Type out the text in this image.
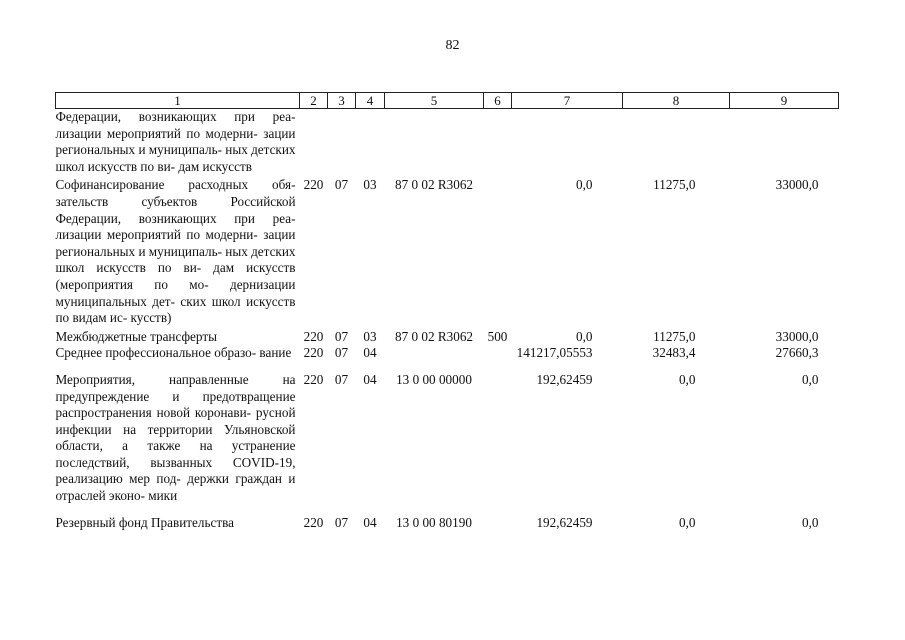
82
1	2	3	4	5	6	7	8	9
Федерации, возникающих при реа- лизации мероприятий по модерни- зации региональных и муниципаль- ных детских школ искусств по ви- дам искусств								
Софинансирование расходных обя- зательств субъектов Российской Федерации, возникающих при реа- лизации мероприятий по модерни- зации региональных и муниципаль- ных детских школ искусств по ви- дам искусств (мероприятия по мо- дернизации муниципальных дет- ских школ искусств по видам ис- кусств)	220	07	03	87 0 02 R3062		0,0	11275,0	33000,0
Межбюджетные трансферты	220	07	03	87 0 02 R3062	500	0,0	11275,0	33000,0
Среднее профессиональное образо- вание	220	07	04			141217,05553	32483,4	27660,3
Мероприятия, направленные на предупреждение и предотвращение распространения новой коронави- русной инфекции на территории Ульяновской области, а также на устранение последствий, вызванных COVID-19, реализацию мер под- держки граждан и отраслей эконо- мики	220	07	04	13 0 00 00000		192,62459	0,0	0,0
Резервный фонд Правительства	220	07	04	13 0 00 80190		192,62459	0,0	0,0
